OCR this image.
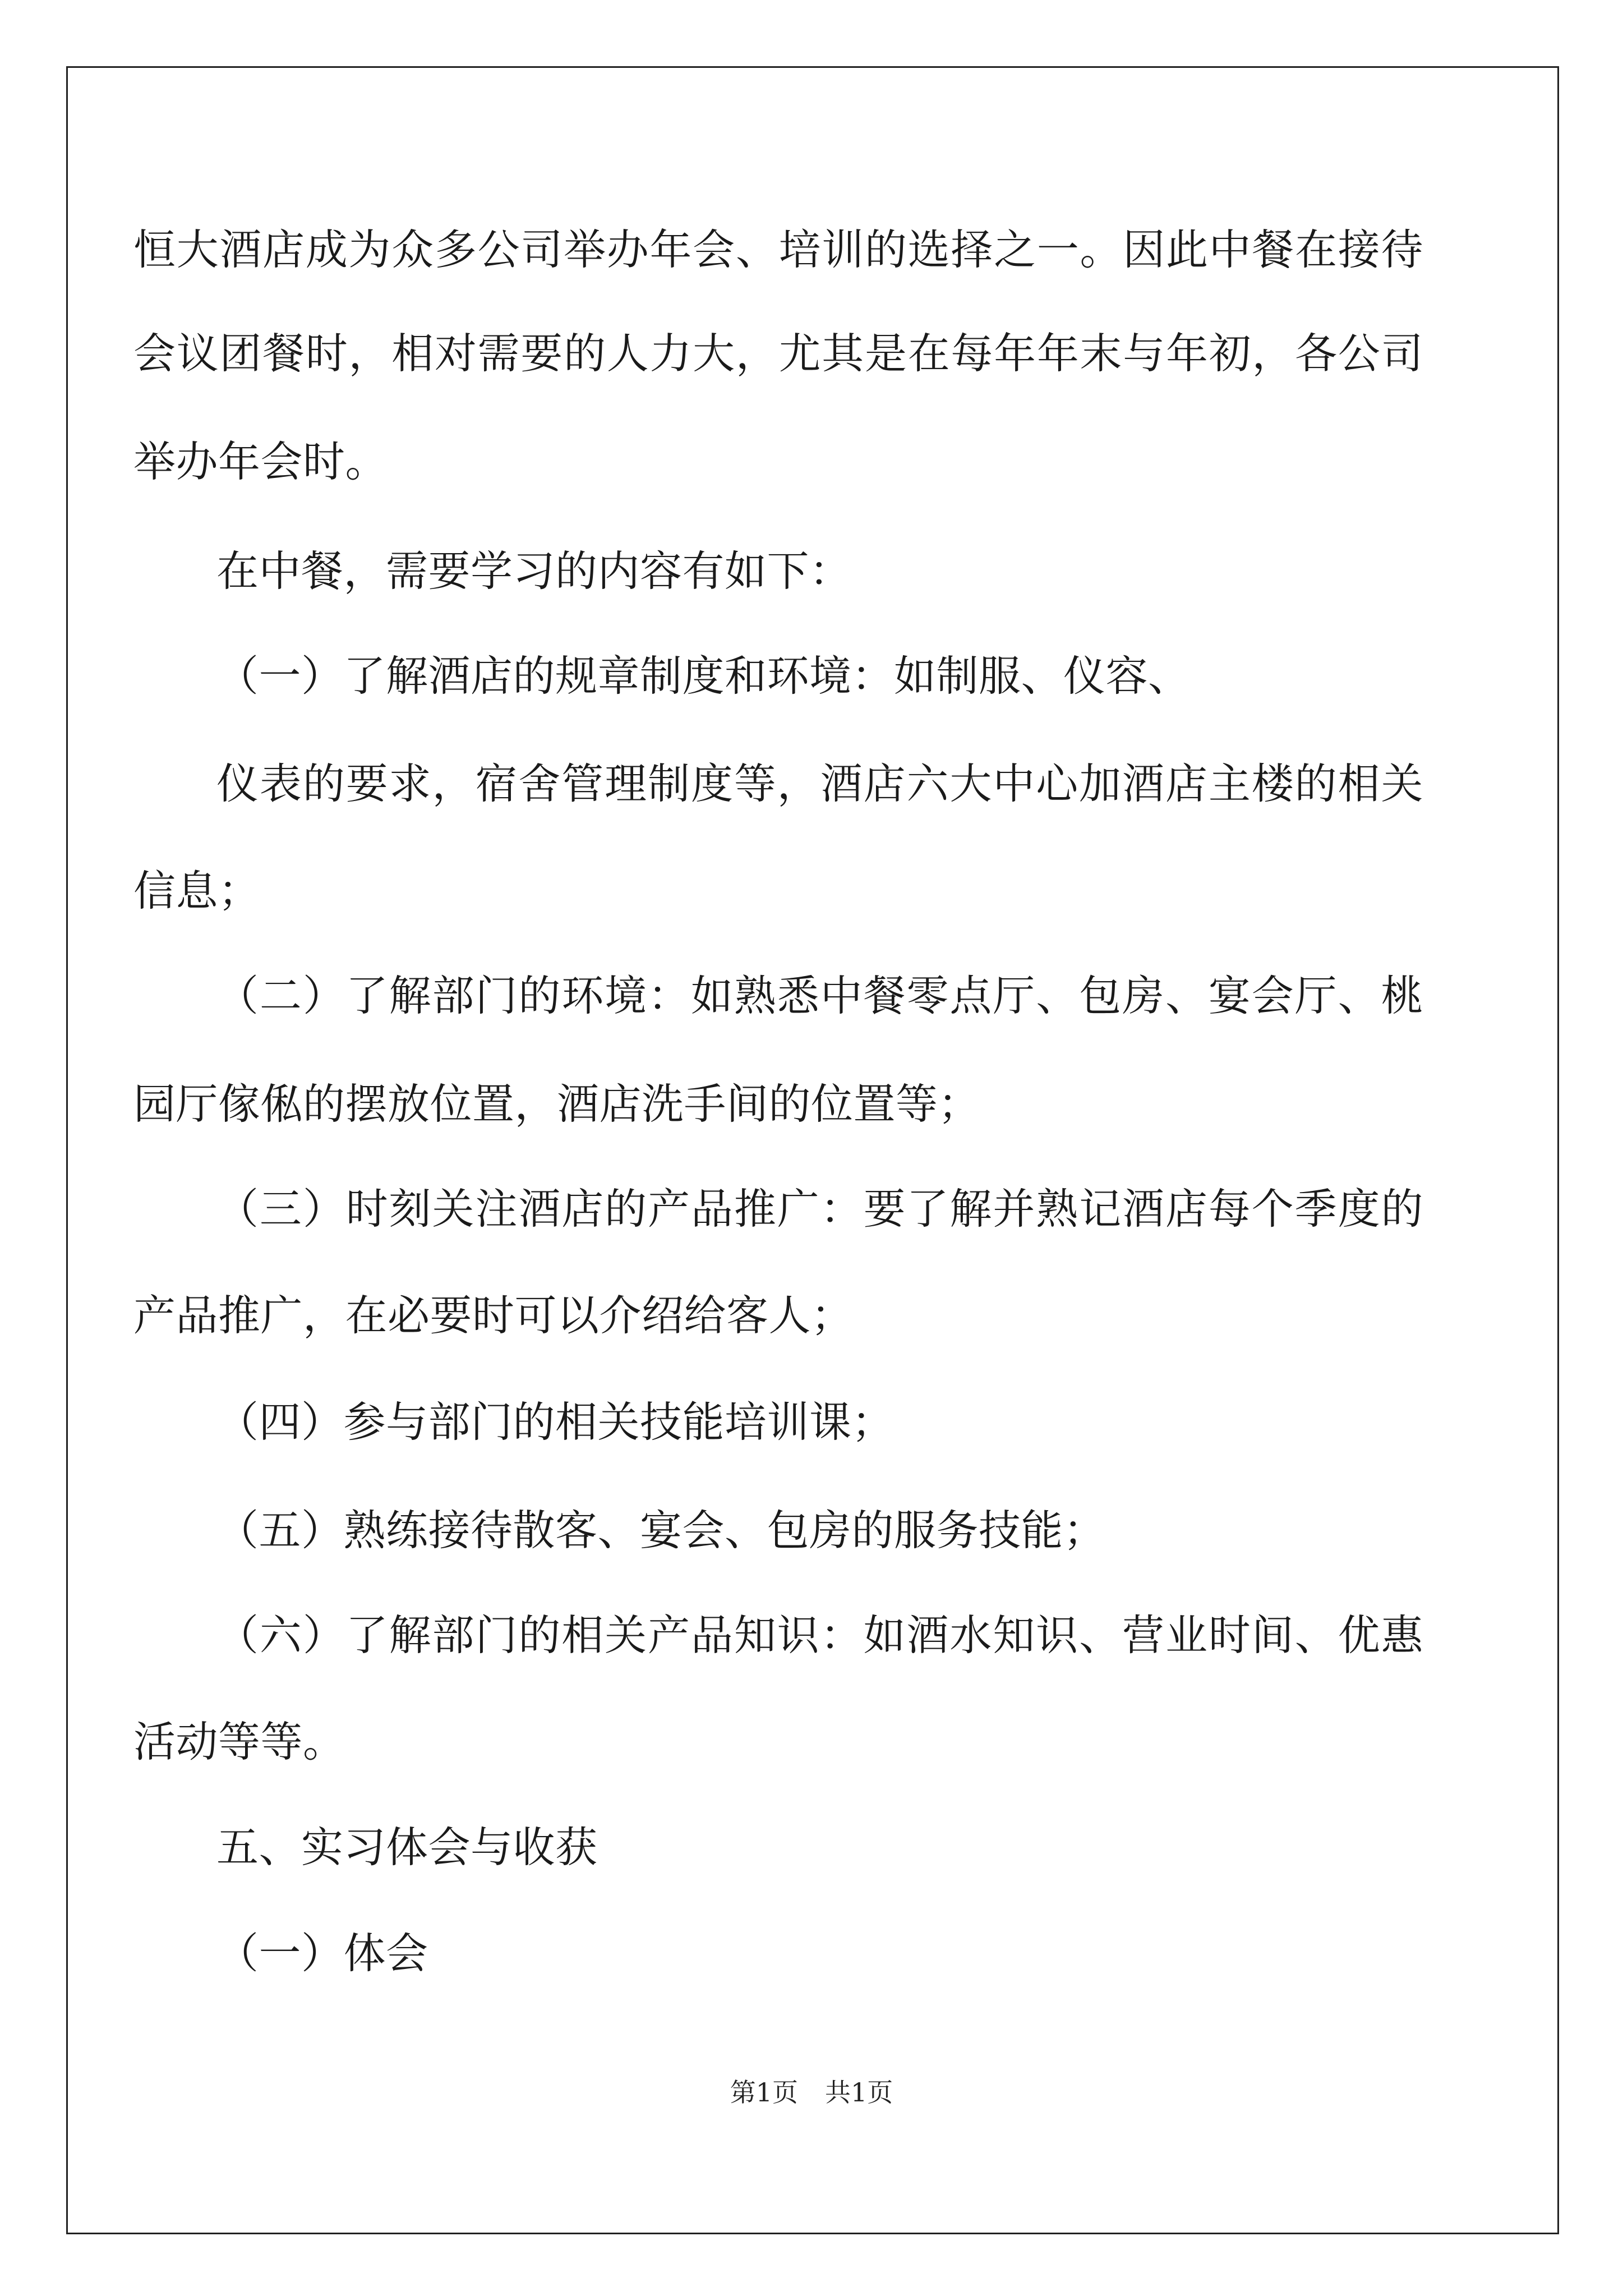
恒大酒店成为众多公司举办年会、培训的选择之一。因此中餐在接待
会议团餐时，相对需要的人力大，尤其是在每年年末与年初，各公司
举办年会时。
在中餐，需要学习的内容有如下：
（一）了解酒店的规章制度和环境：如制服、仪容、
仪表的要求，宿舍管理制度等，酒店六大中心加酒店主楼的相关
信息；
（二）了解部门的环境：如熟悉中餐零点厅、包房、宴会厅、桃
园厅傢俬的摆放位置，酒店洗手间的位置等；
（三）时刻关注酒店的产品推广：要了解并熟记酒店每个季度的
产品推广，在必要时可以介绍给客人；
（四）参与部门的相关技能培训课；
（五）熟练接待散客、宴会、包房的服务技能；
（六）了解部门的相关产品知识：如酒水知识、营业时间、优惠
活动等等。
五、实习体会与收获
（一）体会
第1页 共1页
